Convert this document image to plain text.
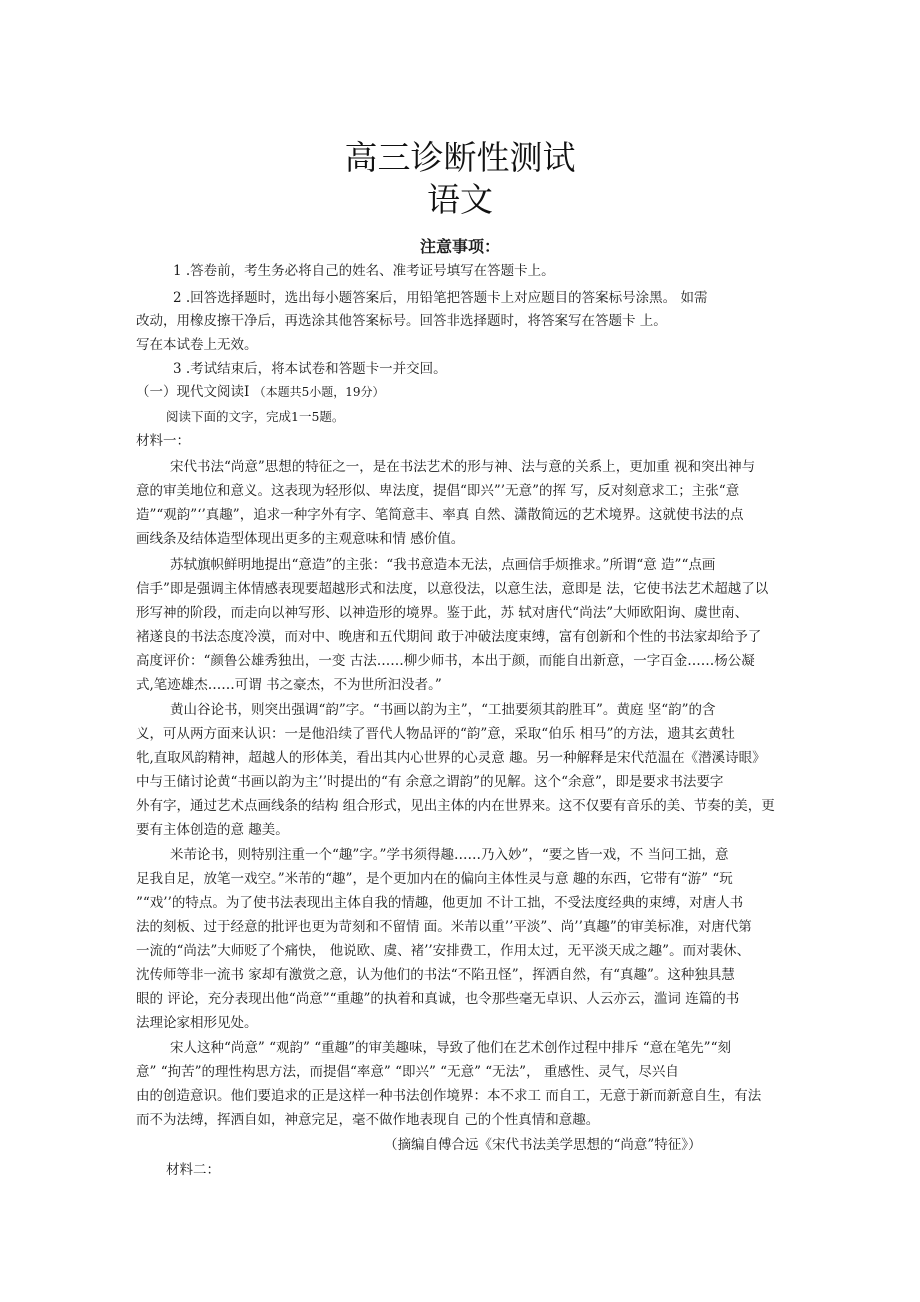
高三诊断性测试
语文
注意事项：
1 .答卷前，考生务必将自己的姓名、准考证号填写在答题卡上。
2 .回答选择题时，选出每小题答案后，用铅笔把答题卡上对应题目的答案标号涂黑。 如需
改动，用橡皮擦干净后，再选涂其他答案标号。回答非选择题时，将答案写在答题卡 上。
写在本试卷上无效。
3 .考试结束后，将本试卷和答题卡一并交回。
（一）现代文阅读Ⅰ （本题共5小题，19分）
阅读下面的文字，完成1一5题。
材料一：
宋代书法“尚意”思想的特征之一，是在书法艺术的形与神、法与意的关系上，更加重 视和突出神与
意的审美地位和意义。这表现为轻形似、卑法度，提倡“即兴”’无意”的挥 写，反对刻意求工；主张“意
造”“观韵”‘’真趣”，追求一种字外有字、笔简意丰、率真 自然、潇散简远的艺术境界。这就使书法的点
画线条及结体造型体现出更多的主观意味和情 感价值。
苏轼旗帜鲜明地提出“意造”的主张：“我书意造本无法，点画信手烦推求。”所谓“意 造”“点画
信手”即是强调主体情感表现要超越形式和法度，以意役法，以意生法，意即是 法，它使书法艺术超越了以
形写神的阶段，而走向以神写形、以神造形的境界。鉴于此，苏 轼对唐代“尚法”大师欧阳询、虞世南、
褚遂良的书法态度冷漠，而对中、晚唐和五代期间 敢于冲破法度束缚，富有创新和个性的书法家却给予了
高度评价：“颜鲁公雄秀独出，一变 古法……柳少师书，本出于颜，而能自出新意，一字百金……杨公凝
式,笔迹雄杰……可谓 书之豪杰，不为世所汩没者。”
黄山谷论书，则突出强调“韵”字。“书画以韵为主”，“工拙要须其韵胜耳”。黄庭 坚“韵”的含
义，可从两方面来认识：一是他沿续了晋代人物品评的“韵”意，采取“伯乐 相马”的方法，遗其玄黄牡
牝,直取风韵精神，超越人的形体美，看出其内心世界的心灵意 趣。另一种解释是宋代范温在《潜溪诗眼》
中与王储讨论黄“书画以韵为主’’时提出的“有 余意之谓韵”的见解。这个“余意”，即是要求书法要字
外有字，通过艺术点画线条的结构 组合形式，见出主体的内在世界来。这不仅要有音乐的美、节奏的美，更
要有主体创造的意 趣美。
米芾论书，则特别注重一个“趣”字。”学书须得趣……乃入妙”，“要之皆一戏，不 当问工拙，意
足我自足，放笔一戏空。”米芾的“趣”，是个更加内在的偏向主体性灵与意 趣的东西，它带有“游” “玩
”“戏’’的特点。为了使书法表现出主体自我的情趣，他更加 不计工拙，不受法度经典的束缚，对唐人书
法的刻板、过于经意的批评也更为苛刻和不留情 面。米芾以重’’平淡”、尚’’真趣”的审美标准，对唐代第
一流的“尚法”大师贬了个痛快， 他说欧、虞、褚’’安排费工，作用太过，无平淡天成之趣”。而对裴休、
沈传师等非一流书 家却有激赏之意，认为他们的书法“不陷丑怪”，挥洒自然，有“真趣”。这种独具慧
眼的 评论，充分表现出他“尚意”“重趣”的执着和真诚，也令那些毫无卓识、人云亦云，滥词 连篇的书
法理论家相形见处。
宋人这种“尚意” “观韵” “重趣”的审美趣味，导致了他们在艺术创作过程中排斥 “意在笔先”“刻
意” “拘苦”的理性构思方法，而提倡“率意” “即兴” “无意” “无法”， 重感性、灵气，尽兴自
由的创造意识。他们要追求的正是这样一种书法创作境界：本不求工 而自工，无意于新而新意自生，有法
而不为法缚，挥洒自如，神意完足，毫不做作地表现自 己的个性真情和意趣。
（摘编自傅合远《宋代书法美学思想的“尚意”特征》）
材料二：
